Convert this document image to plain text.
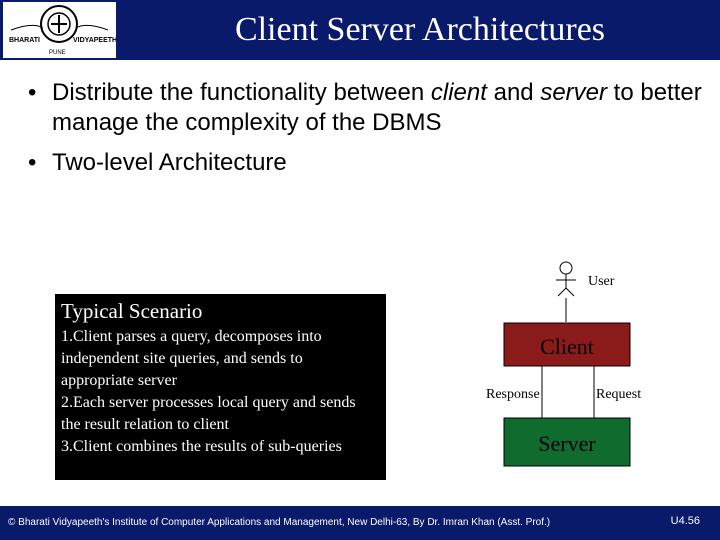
BHARATI	VIDYAPEETH
PUNE
Client Server Architectures
• Distribute the functionality between client and server to better manage the complexity of the DBMS
• Two-level Architecture
Typical Scenario

1.Client parses a query, decomposes into

independent site queries, and sends to

appropriate server

2.Each server processes local query and sends

the result relation to client

3.Client combines the results of sub-queries

User
Client
Response	Request
Server
© Bharati Vidyapeeth's Institute of Computer Applications and Management, New Delhi-63, By Dr. Imran Khan (Asst. Prof.)	U4.56
